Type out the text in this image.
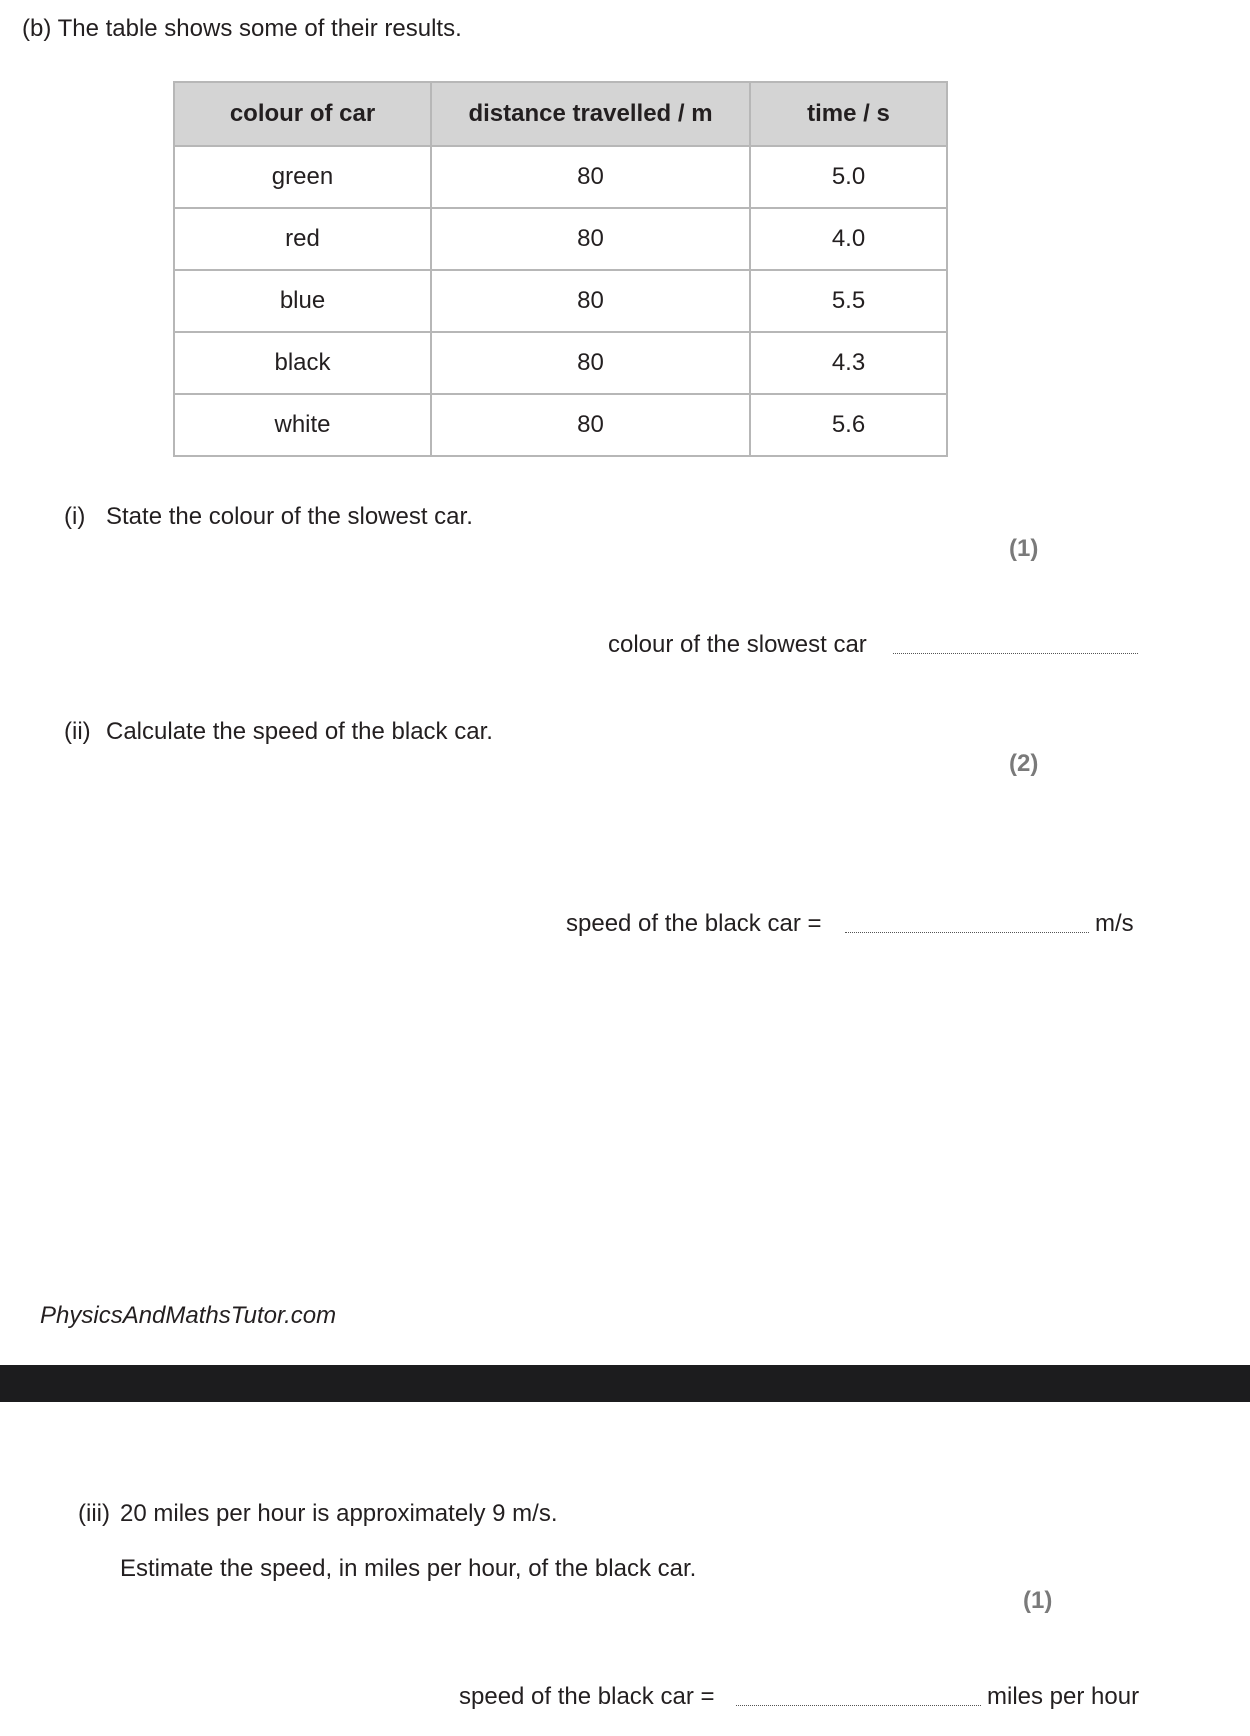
(b) The table shows some of their results.
colour of car	distance travelled / m	time / s
green	80	5.0
red	80	4.0
blue	80	5.5
black	80	4.3
white	80	5.6
(i) State the colour of the slowest car.
(1)
colour of the slowest car
(ii) Calculate the speed of the black car.
(2)
speed of the black car =	m/s
PhysicsAndMathsTutor.com
(iii) 20 miles per hour is approximately 9 m/s.
Estimate the speed, in miles per hour, of the black car.
(1)
speed of the black car =	miles per hour
